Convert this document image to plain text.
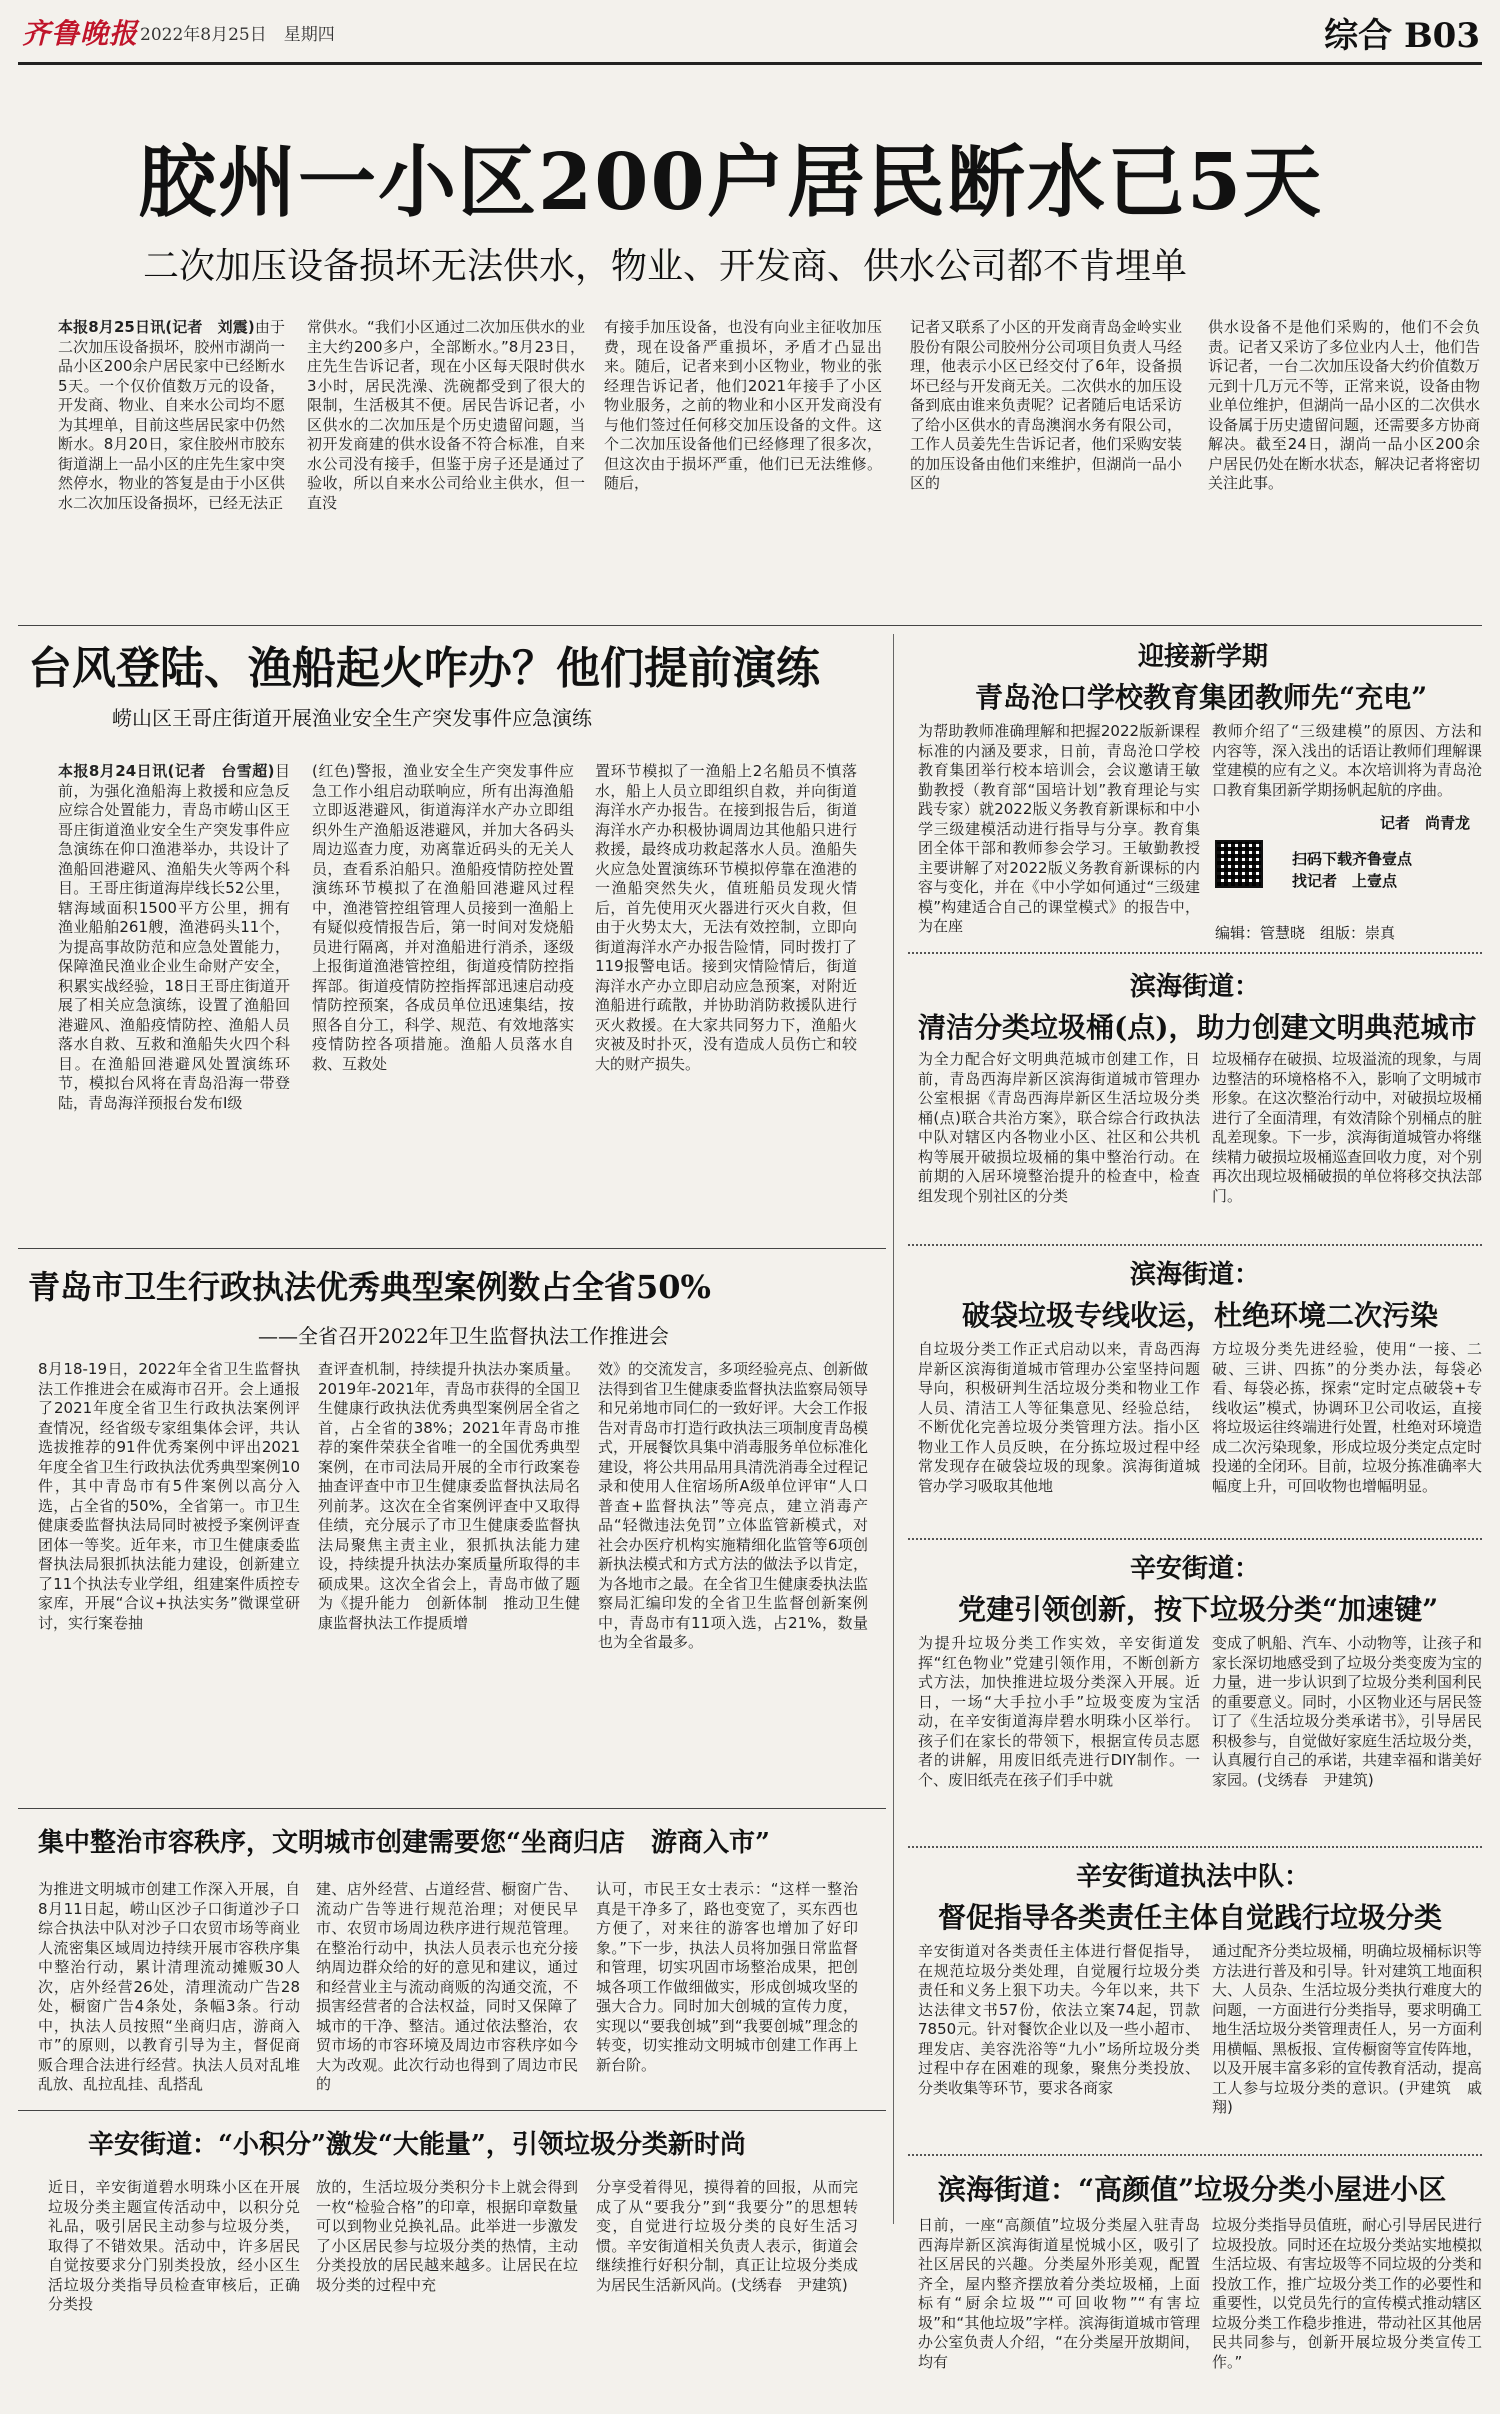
齐鲁晚报 2022年8月25日　星期四	综合 B03
胶州一小区200户居民断水已5天
二次加压设备损坏无法供水，物业、开发商、供水公司都不肯埋单
本报8月25日讯(记者　刘震)由于二次加压设备损坏，胶州市湖尚一品小区200余户居民家中已经断水5天。一个仅价值数万元的设备，开发商、物业、自来水公司均不愿为其埋单，目前这些居民家中仍然断水。8月20日，家住胶州市胶东街道湖上一品小区的庄先生家中突然停水，物业的答复是由于小区供水二次加压设备损坏，已经无法正
常供水。“我们小区通过二次加压供水的业主大约200多户，全部断水。”8月23日，庄先生告诉记者，现在小区每天限时供水3小时，居民洗澡、洗碗都受到了很大的限制，生活极其不便。居民告诉记者，小区供水的二次加压是个历史遗留问题，当初开发商建的供水设备不符合标准，自来水公司没有接手，但鉴于房子还是通过了验收，所以自来水公司给业主供水，但一直没
有接手加压设备，也没有向业主征收加压费，现在设备严重损坏，矛盾才凸显出来。随后，记者来到小区物业，物业的张经理告诉记者，他们2021年接手了小区物业服务，之前的物业和小区开发商没有与他们签过任何移交加压设备的文件。这个二次加压设备他们已经修理了很多次，但这次由于损坏严重，他们已无法维修。随后，
记者又联系了小区的开发商青岛金岭实业股份有限公司胶州分公司项目负责人马经理，他表示小区已经交付了6年，设备损坏已经与开发商无关。二次供水的加压设备到底由谁来负责呢？记者随后电话采访了给小区供水的青岛澳润水务有限公司，工作人员姜先生告诉记者，他们采购安装的加压设备由他们来维护，但湖尚一品小区的
供水设备不是他们采购的，他们不会负责。记者又采访了多位业内人士，他们告诉记者，一台二次加压设备大约价值数万元到十几万元不等，正常来说，设备由物业单位维护，但湖尚一品小区的二次供水设备属于历史遗留问题，还需要多方协商解决。截至24日，湖尚一品小区200余户居民仍处在断水状态，解决记者将密切关注此事。
台风登陆、渔船起火咋办？他们提前演练
崂山区王哥庄街道开展渔业安全生产突发事件应急演练
本报8月24日讯(记者　台雪超)目前，为强化渔船海上救援和应急反应综合处置能力，青岛市崂山区王哥庄街道渔业安全生产突发事件应急演练在仰口渔港举办，共设计了渔船回港避风、渔船失火等两个科目。王哥庄街道海岸线长52公里，辖海域面积1500平方公里，拥有渔业船舶261艘，渔港码头11个，为提高事故防范和应急处置能力，保障渔民渔业企业生命财产安全，积累实战经验，18日王哥庄街道开展了相关应急演练，设置了渔船回港避风、渔船疫情防控、渔船人员落水自救、互救和渔船失火四个科目。在渔船回港避风处置演练环节，模拟台风将在青岛沿海一带登陆，青岛海洋预报台发布I级
(红色)警报，渔业安全生产突发事件应急工作小组启动联响应，所有出海渔船立即返港避风，街道海洋水产办立即组织外生产渔船返港避风，并加大各码头周边巡查力度，劝离靠近码头的无关人员，查看系泊船只。渔船疫情防控处置演练环节模拟了在渔船回港避风过程中，渔港管控组管理人员接到一渔船上有疑似疫情报告后，第一时间对发烧船员进行隔离，并对渔船进行消杀，逐级上报街道渔港管控组，街道疫情防控指挥部。街道疫情防控指挥部迅速启动疫情防控预案，各成员单位迅速集结，按照各自分工，科学、规范、有效地落实疫情防控各项措施。渔船人员落水自救、互救处
置环节模拟了一渔船上2名船员不慎落水，船上人员立即组织自救，并向街道海洋水产办报告。在接到报告后，街道海洋水产办积极协调周边其他船只进行救援，最终成功救起落水人员。渔船失火应急处置演练环节模拟停靠在渔港的一渔船突然失火，值班船员发现火情后，首先使用灭火器进行灭火自救，但由于火势太大，无法有效控制，立即向街道海洋水产办报告险情，同时拨打了119报警电话。接到灾情险情后，街道海洋水产办立即启动应急预案，对附近渔船进行疏散，并协助消防救援队进行灭火救援。在大家共同努力下，渔船火灾被及时扑灭，没有造成人员伤亡和较大的财产损失。
青岛市卫生行政执法优秀典型案例数占全省50%
——全省召开2022年卫生监督执法工作推进会
8月18-19日，2022年全省卫生监督执法工作推进会在威海市召开。会上通报了2021年度全省卫生行政执法案例评查情况，经省级专家组集体会评，共认选拔推荐的91件优秀案例中评出2021年度全省卫生行政执法优秀典型案例10件，其中青岛市有5件案例以高分入选，占全省的50%，全省第一。市卫生健康委监督执法局同时被授予案例评查团体一等奖。近年来，市卫生健康委监督执法局狠抓执法能力建设，创新建立了11个执法专业学组，组建案件质控专家库，开展“合议+执法实务”微课堂研讨，实行案卷抽
查评查机制，持续提升执法办案质量。2019年-2021年，青岛市获得的全国卫生健康行政执法优秀典型案例居全省之首，占全省的38%；2021年青岛市推荐的案件荣获全省唯一的全国优秀典型案例，在市司法局开展的全市行政案卷抽查评查中市卫生健康委监督执法局名列前茅。这次在全省案例评查中又取得佳绩，充分展示了市卫生健康委监督执法局聚焦主责主业，狠抓执法能力建设，持续提升执法办案质量所取得的丰硕成果。这次全省会上，青岛市做了题为《提升能力　创新体制　推动卫生健康监督执法工作提质增
效》的交流发言，多项经验亮点、创新做法得到省卫生健康委监督执法监察局领导和兄弟地市同仁的一致好评。大会工作报告对青岛市打造行政执法三项制度青岛模式，开展餐饮具集中消毒服务单位标准化建设，将公共用品用具清洗消毒全过程记录和使用人住宿场所A级单位评审“人口普查+监督执法”等亮点，建立消毒产品“轻微违法免罚”立体监管新模式，对社会办医疗机构实施精细化监管等6项创新执法模式和方式方法的做法予以肯定，为各地市之最。在全省卫生健康委执法监察局汇编印发的全省卫生监督创新案例中，青岛市有11项入选，占21%，数量也为全省最多。
集中整治市容秩序，文明城市创建需要您“坐商归店　游商入市”
为推进文明城市创建工作深入开展，自8月11日起，崂山区沙子口街道沙子口综合执法中队对沙子口农贸市场等商业人流密集区域周边持续开展市容秩序集中整治行动，累计清理流动摊贩30人次，店外经营26处，清理流动广告28处，橱窗广告4条处，条幅3条。行动中，执法人员按照“坐商归店，游商入市”的原则，以教育引导为主，督促商贩合理合法进行经营。执法人员对乱堆乱放、乱拉乱挂、乱搭乱
建、店外经营、占道经营、橱窗广告、流动广告等进行规范治理；对便民早市、农贸市场周边秩序进行规范管理。在整治行动中，执法人员表示也充分接纳周边群众给的好的意见和建议，通过和经营业主与流动商贩的沟通交流，不损害经营者的合法权益，同时又保障了城市的干净、整洁。通过依法整治，农贸市场的市容环境及周边市容秩序如今大为改观。此次行动也得到了周边市民的
认可，市民王女士表示：“这样一整治真是干净多了，路也变宽了，买东西也方便了，对来往的游客也增加了好印象。”下一步，执法人员将加强日常监督和管理，切实巩固市场整治成果，把创城各项工作做细做实，形成创城攻坚的强大合力。同时加大创城的宣传力度，实现以“要我创城”到“我要创城”理念的转变，切实推动文明城市创建工作再上新台阶。
辛安街道：“小积分”激发“大能量”，引领垃圾分类新时尚
近日，辛安街道碧水明珠小区在开展垃圾分类主题宣传活动中，以积分兑礼品，吸引居民主动参与垃圾分类，取得了不错效果。活动中，许多居民自觉按要求分门别类投放，经小区生活垃圾分类指导员检查审核后，正确分类投
放的，生活垃圾分类积分卡上就会得到一枚“检验合格”的印章，根据印章数量可以到物业兑换礼品。此举进一步激发了小区居民参与垃圾分类的热情，主动分类投放的居民越来越多。让居民在垃圾分类的过程中充
分享受着得见，摸得着的回报，从而完成了从“要我分”到“我要分”的思想转变，自觉进行垃圾分类的良好生活习惯。辛安街道相关负责人表示，街道会继续推行好积分制，真正让垃圾分类成为居民生活新风尚。(戈绣春　尹建筑)
迎接新学期
青岛沧口学校教育集团教师先“充电”
为帮助教师准确理解和把握2022版新课程标准的内涵及要求，日前，青岛沧口学校教育集团举行校本培训会，会议邀请王敏勤教授（教育部“国培计划”教育理论与实践专家）就2022版义务教育新课标和中小学三级建模活动进行指导与分享。教育集团全体干部和教师参会学习。王敏勤教授主要讲解了对2022版义务教育新课标的内容与变化，并在《中小学如何通过“三级建模”构建适合自己的课堂模式》的报告中，为在座
教师介绍了“三级建模”的原因、方法和内容等，深入浅出的话语让教师们理解课堂建模的应有之义。本次培训将为青岛沧口教育集团新学期扬帆起航的序曲。
记者　尚青龙
扫码下载齐鲁壹点
找记者　上壹点
编辑：管慧晓　组版：崇真
滨海街道：
清洁分类垃圾桶(点)，助力创建文明典范城市
为全力配合好文明典范城市创建工作，日前，青岛西海岸新区滨海街道城市管理办公室根据《青岛西海岸新区生活垃圾分类桶(点)联合共治方案》，联合综合行政执法中队对辖区内各物业小区、社区和公共机构等展开破损垃圾桶的集中整治行动。在前期的入居环境整治提升的检查中，检查组发现个别社区的分类
垃圾桶存在破损、垃圾溢流的现象，与周边整洁的环境格格不入，影响了文明城市形象。在这次整治行动中，对破损垃圾桶进行了全面清理，有效清除个别桶点的脏乱差现象。下一步，滨海街道城管办将继续精力破损垃圾桶巡查回收力度，对个别再次出现垃圾桶破损的单位将移交执法部门。
滨海街道：
破袋垃圾专线收运，杜绝环境二次污染
自垃圾分类工作正式启动以来，青岛西海岸新区滨海街道城市管理办公室坚持问题导向，积极研判生活垃圾分类和物业工作人员、清洁工人等征集意见、经验总结，不断优化完善垃圾分类管理方法。指小区物业工作人员反映，在分拣垃圾过程中经常发现存在破袋垃圾的现象。滨海街道城管办学习吸取其他地
方垃圾分类先进经验，使用“一接、二破、三讲、四拣”的分类办法，每袋必看、每袋必拣，探索“定时定点破袋+专线收运”模式，协调环卫公司收运，直接将垃圾运往终端进行处置，杜绝对环境造成二次污染现象，形成垃圾分类定点定时投递的全闭环。目前，垃圾分拣准确率大幅度上升，可回收物也增幅明显。
辛安街道：
党建引领创新，按下垃圾分类“加速键”
为提升垃圾分类工作实效，辛安街道发挥“红色物业”党建引领作用，不断创新方式方法，加快推进垃圾分类深入开展。近日，一场“大手拉小手”垃圾变废为宝活动，在辛安街道海岸碧水明珠小区举行。孩子们在家长的带领下，根据宣传员志愿者的讲解，用废旧纸壳进行DIY制作。一个、废旧纸壳在孩子们手中就
变成了帆船、汽车、小动物等，让孩子和家长深切地感受到了垃圾分类变废为宝的力量，进一步认识到了垃圾分类利国利民的重要意义。同时，小区物业还与居民签订了《生活垃圾分类承诺书》，引导居民积极参与，自觉做好家庭生活垃圾分类，认真履行自己的承诺，共建幸福和谐美好家园。(戈绣春　尹建筑)
辛安街道执法中队：
督促指导各类责任主体自觉践行垃圾分类
辛安街道对各类责任主体进行督促指导，在规范垃圾分类处理，自觉履行垃圾分类责任和义务上狠下功夫。今年以来，共下达法律文书57份，依法立案74起，罚款7850元。针对餐饮企业以及一些小超市、理发店、美容洗浴等“九小”场所垃圾分类过程中存在困难的现象，聚焦分类投放、分类收集等环节，要求各商家
通过配齐分类垃圾桶，明确垃圾桶标识等方法进行普及和引导。针对建筑工地面积大、人员杂、生活垃圾分类执行难度大的问题，一方面进行分类指导，要求明确工地生活垃圾分类管理责任人，另一方面利用横幅、黑板报、宣传橱窗等宣传阵地，以及开展丰富多彩的宣传教育活动，提高工人参与垃圾分类的意识。(尹建筑　戚翔)
滨海街道：“高颜值”垃圾分类小屋进小区
日前，一座“高颜值”垃圾分类屋入驻青岛西海岸新区滨海街道星悦城小区，吸引了社区居民的兴趣。分类屋外形美观，配置齐全，屋内整齐摆放着分类垃圾桶，上面标有“厨余垃圾”“可回收物”“有害垃圾”和“其他垃圾”字样。滨海街道城市管理办公室负责人介绍，“在分类屋开放期间，均有
垃圾分类指导员值班，耐心引导居民进行垃圾投放。同时还在垃圾分类站实地模拟生活垃圾、有害垃圾等不同垃圾的分类和投放工作，推广垃圾分类工作的必要性和重要性，以党员先行的宣传模式推动辖区垃圾分类工作稳步推进，带动社区其他居民共同参与，创新开展垃圾分类宣传工作。”
